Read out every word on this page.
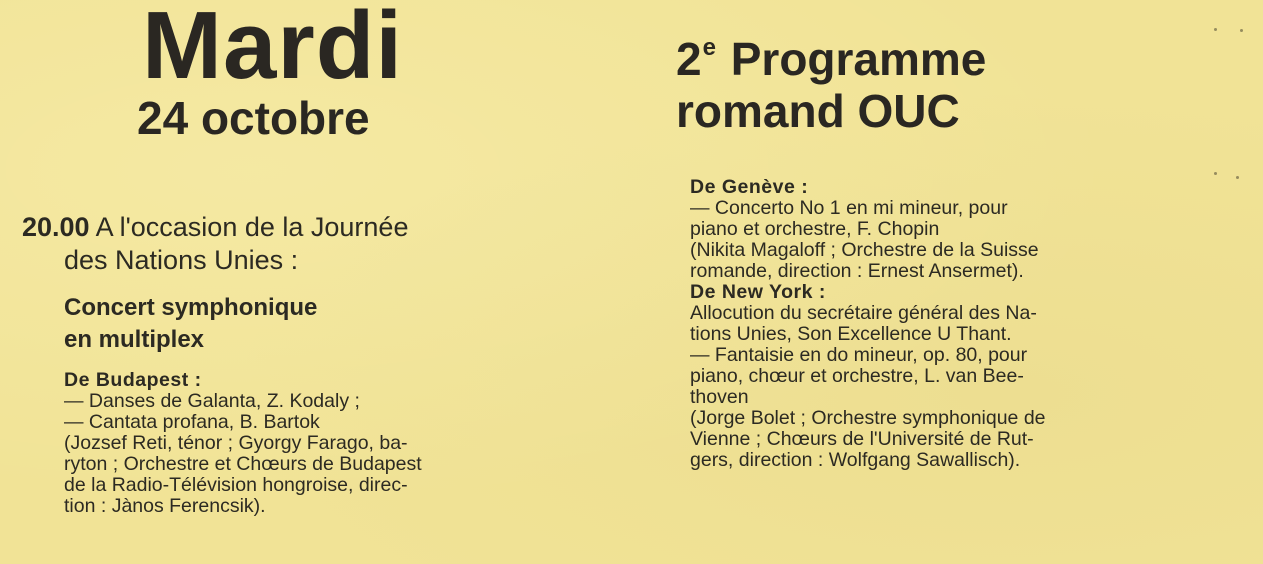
Mardi
24 octobre
2e Programme
romand OUC

20.00 A l'occasion de la Journée

des Nations Unies :
Concert symphonique
en multiplex
De Budapest :
— Danses de Galanta, Z. Kodaly ;
— Cantata profana, B. Bartok
(Jozsef Reti, ténor ; Gyorgy Farago, ba-
ryton ; Orchestre et Chœurs de Budapest
de la Radio-Télévision hongroise, direc-
tion : Jànos Ferencsik).
De Genève :
— Concerto No 1 en mi mineur, pour
piano et orchestre, F. Chopin
(Nikita Magaloff ; Orchestre de la Suisse
romande, direction : Ernest Ansermet).
De New York :
Allocution du secrétaire général des Na-
tions Unies, Son Excellence U Thant.
— Fantaisie en do mineur, op. 80, pour
piano, chœur et orchestre, L. van Bee-
thoven
(Jorge Bolet ; Orchestre symphonique de
Vienne ; Chœurs de l'Université de Rut-
gers, direction : Wolfgang Sawallisch).
